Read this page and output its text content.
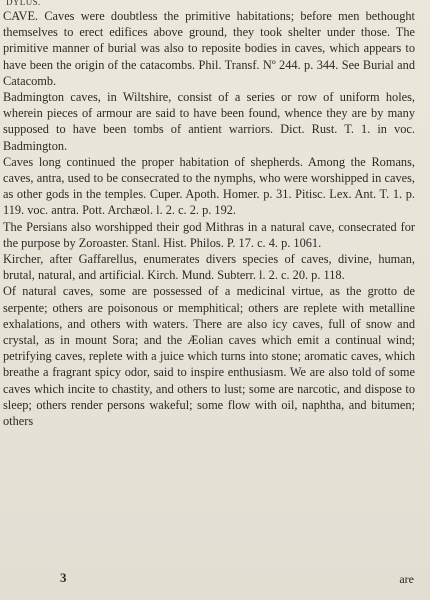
DYLUS.

CAVE. Caves were doubtless the primitive habitations; before men bethought themselves to erect edifices above ground, they took shelter under those. The primitive manner of burial was also to reposite bodies in caves, which appears to have been the origin of the catacombs. Phil. Transf. Nº 244. p. 344. See Burial and Catacomb.

Badmington caves, in Wiltshire, consist of a series or row of uniform holes, wherein pieces of armour are said to have been found, whence they are by many supposed to have been tombs of antient warriors. Dict. Rust. T. 1. in voc. Badmington.

Caves long continued the proper habitation of shepherds. Among the Romans, caves, antra, used to be consecrated to the nymphs, who were worshipped in caves, as other gods in the temples. Cuper. Apoth. Homer. p. 31. Pitisc. Lex. Ant. T. 1. p. 119. voc. antra. Pott. Archæol. l. 2. c. 2. p. 192.

The Persians also worshipped their god Mithras in a natural cave, consecrated for the purpose by Zoroaster. Stanl. Hist. Philos. P. 17. c. 4. p. 1061.

Kircher, after Gaffarellus, enumerates divers species of caves, divine, human, brutal, natural, and artificial. Kirch. Mund. Subterr. l. 2. c. 20. p. 118.

Of natural caves, some are possessed of a medicinal virtue, as the grotto de serpente; others are poisonous or memphitical; others are replete with metalline exhalations, and others with waters. There are also icy caves, full of snow and crystal, as in mount Sora; and the Æolian caves which emit a continual wind; petrifying caves, replete with a juice which turns into stone; aromatic caves, which breathe a fragrant spicy odor, said to inspire enthusiasm. We are also told of some caves which incite to chastity, and others to lust; some are narcotic, and dispose to sleep; others render persons wakeful; some flow with oil, naphtha, and bitumen; others

3	are
